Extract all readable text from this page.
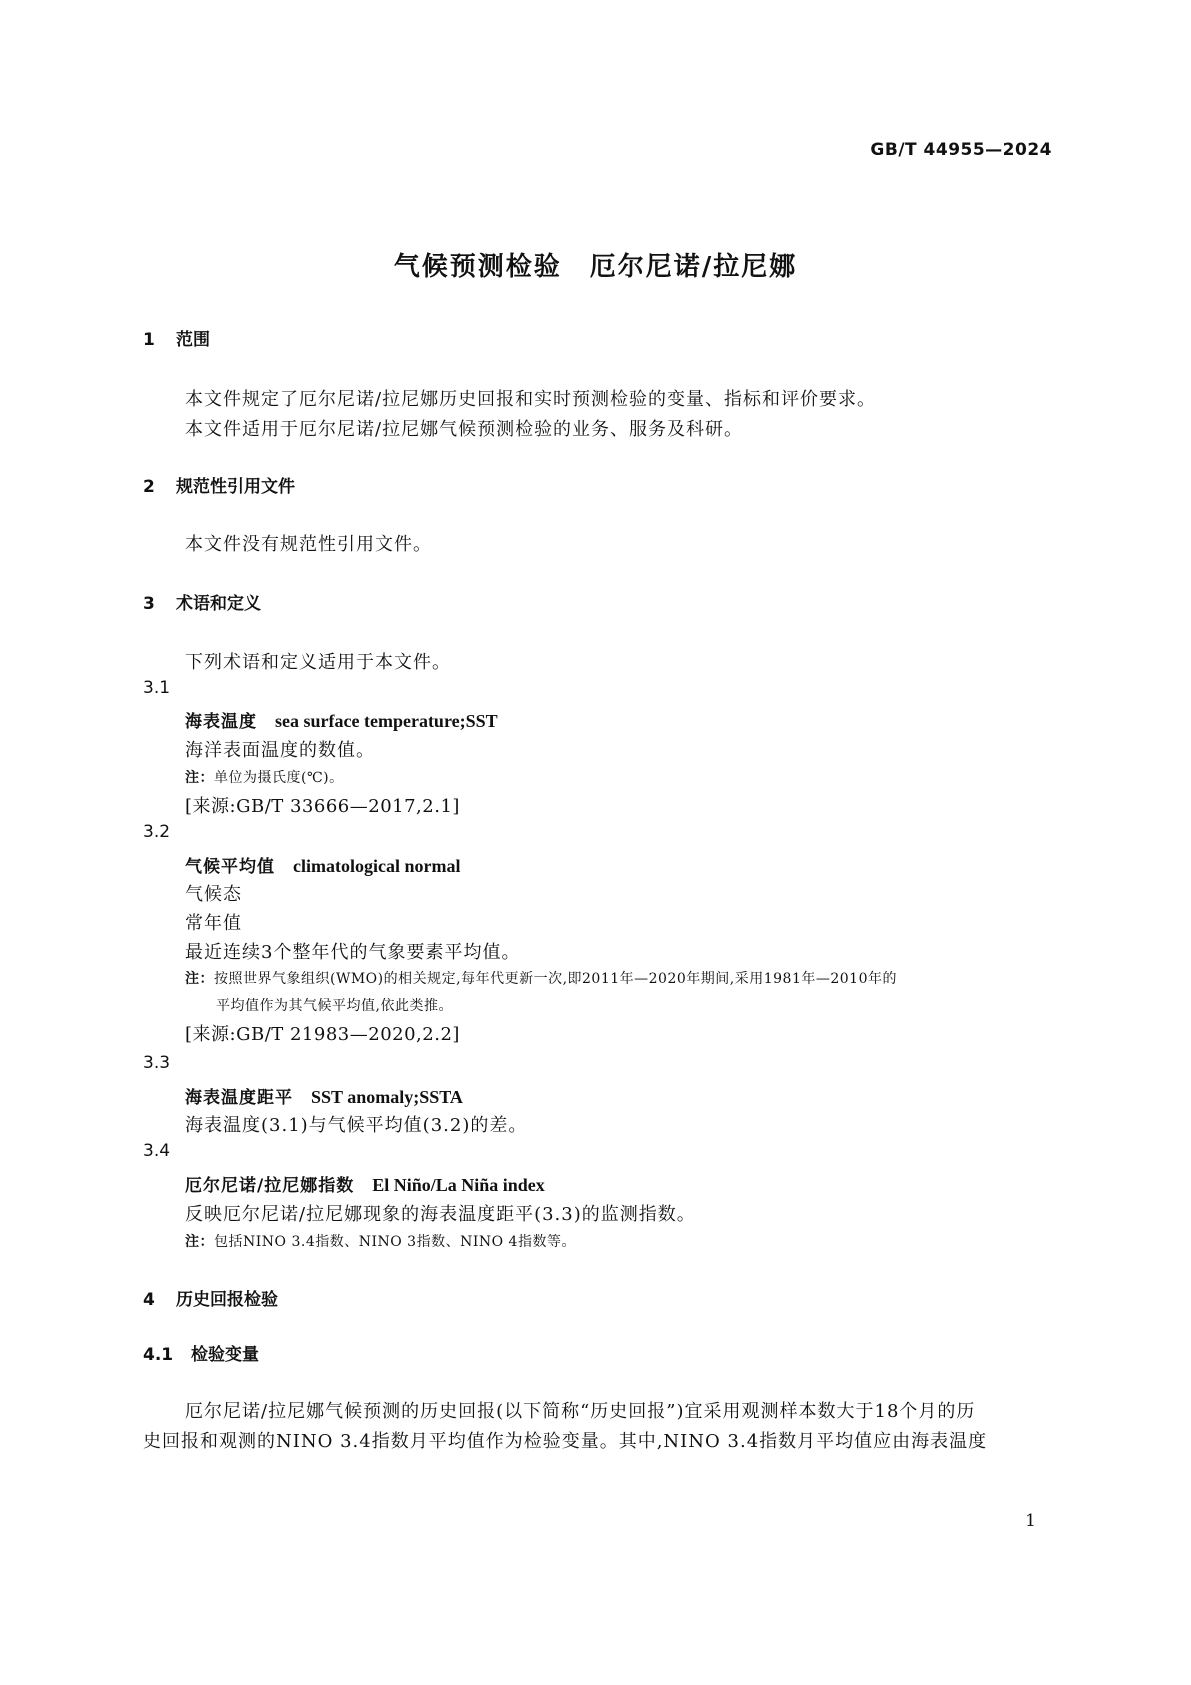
GB/T 44955—2024
气候预测检验　厄尔尼诺/拉尼娜
1 范围
本文件规定了厄尔尼诺/拉尼娜历史回报和实时预测检验的变量、指标和评价要求。
本文件适用于厄尔尼诺/拉尼娜气候预测检验的业务、服务及科研。
2 规范性引用文件
本文件没有规范性引用文件。
3 术语和定义
下列术语和定义适用于本文件。
3.1
海表温度 sea surface temperature;SST
海洋表面温度的数值。
注：单位为摄氏度(℃)。
[来源:GB/T 33666—2017,2.1]
3.2
气候平均值 climatological normal
气候态
常年值
最近连续3个整年代的气象要素平均值。
注：按照世界气象组织(WMO)的相关规定,每年代更新一次,即2011年—2020年期间,采用1981年—2010年的
平均值作为其气候平均值,依此类推。
[来源:GB/T 21983—2020,2.2]
3.3
海表温度距平 SST anomaly;SSTA
海表温度(3.1)与气候平均值(3.2)的差。
3.4
厄尔尼诺/拉尼娜指数 El Niño/La Niña index
反映厄尔尼诺/拉尼娜现象的海表温度距平(3.3)的监测指数。
注：包括NINO 3.4指数、NINO 3指数、NINO 4指数等。
4 历史回报检验
4.1 检验变量
厄尔尼诺/拉尼娜气候预测的历史回报(以下简称“历史回报”)宜采用观测样本数大于18个月的历
史回报和观测的NINO 3.4指数月平均值作为检验变量。其中,NINO 3.4指数月平均值应由海表温度
1
